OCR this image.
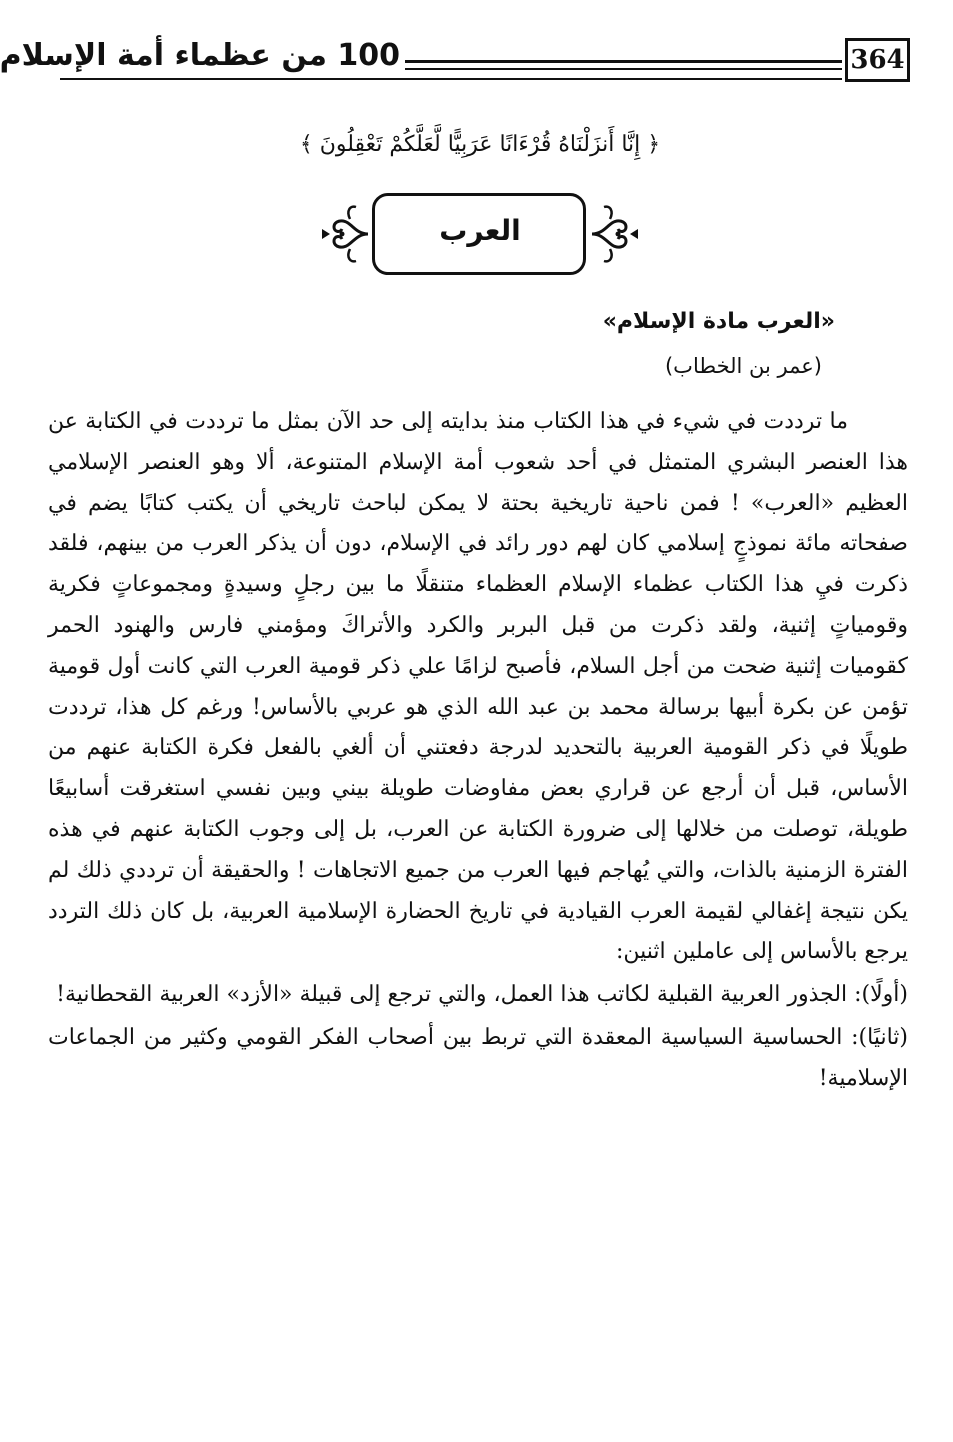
100 من عظماء أمة الإسلام	364
﴿ إِنَّا أَنزَلْنَاهُ قُرْءَانًا عَرَبِيًّا لَّعَلَّكُمْ تَعْقِلُونَ ﴾
العرب
«العرب مادة الإسلام»
(عمر بن الخطاب)

ما ترددت في شيء في هذا الكتاب منذ بدايته إلى حد الآن بمثل ما ترددت في الكتابة عن هذا العنصر البشري المتمثل في أحد شعوب أمة الإسلام المتنوعة، ألا وهو العنصر الإسلامي العظيم «العرب» ! فمن ناحية تاريخية بحتة لا يمكن لباحث تاريخي أن يكتب كتابًا يضم في صفحاته مائة نموذجٍ إسلامي كان لهم دور رائد في الإسلام، دون أن يذكر العرب من بينهم، فلقد ذكرت فيِ هذا الكتاب عظماء الإسلام العظماء متنقلًا ما بين رجلٍ وسيدةٍ ومجموعاتٍ فكرية وقومياتٍ إثنية، ولقد ذكرت من قبل البربر والكرد والأتراكَ ومؤمني فارس والهنود الحمر كقوميات إثنية ضحت من أجل السلام، فأصبح لزامًا علي ذكر قومية العرب التي كانت أول قومية تؤمن عن بكرة أبيها برسالة محمد بن عبد الله الذي هو عربي بالأساس! ورغم كل هذا، ترددت طويلًا في ذكر القومية العربية بالتحديد لدرجة دفعتني أن ألغي بالفعل فكرة الكتابة عنهم من الأساس، قبل أن أرجع عن قراري بعض مفاوضات طويلة بيني وبين نفسي استغرقت أسابيعًا طويلة، توصلت من خلالها إلى ضرورة الكتابة عن العرب، بل إلى وجوب الكتابة عنهم في هذه الفترة الزمنية بالذات، والتي يُهاجم فيها العرب من جميع الاتجاهات ! والحقيقة أن ترددي ذلك لم يكن نتيجة إغفالي لقيمة العرب القيادية في تاريخ الحضارة الإسلامية العربية، بل كان ذلك التردد يرجع بالأساس إلى عاملين اثنين:

(أولًا): الجذور العربية القبلية لكاتب هذا العمل، والتي ترجع إلى قبيلة «الأزد» العربية القحطانية!

(ثانيًا): الحساسية السياسية المعقدة التي تربط بين أصحاب الفكر القومي وكثير من الجماعات الإسلامية!
